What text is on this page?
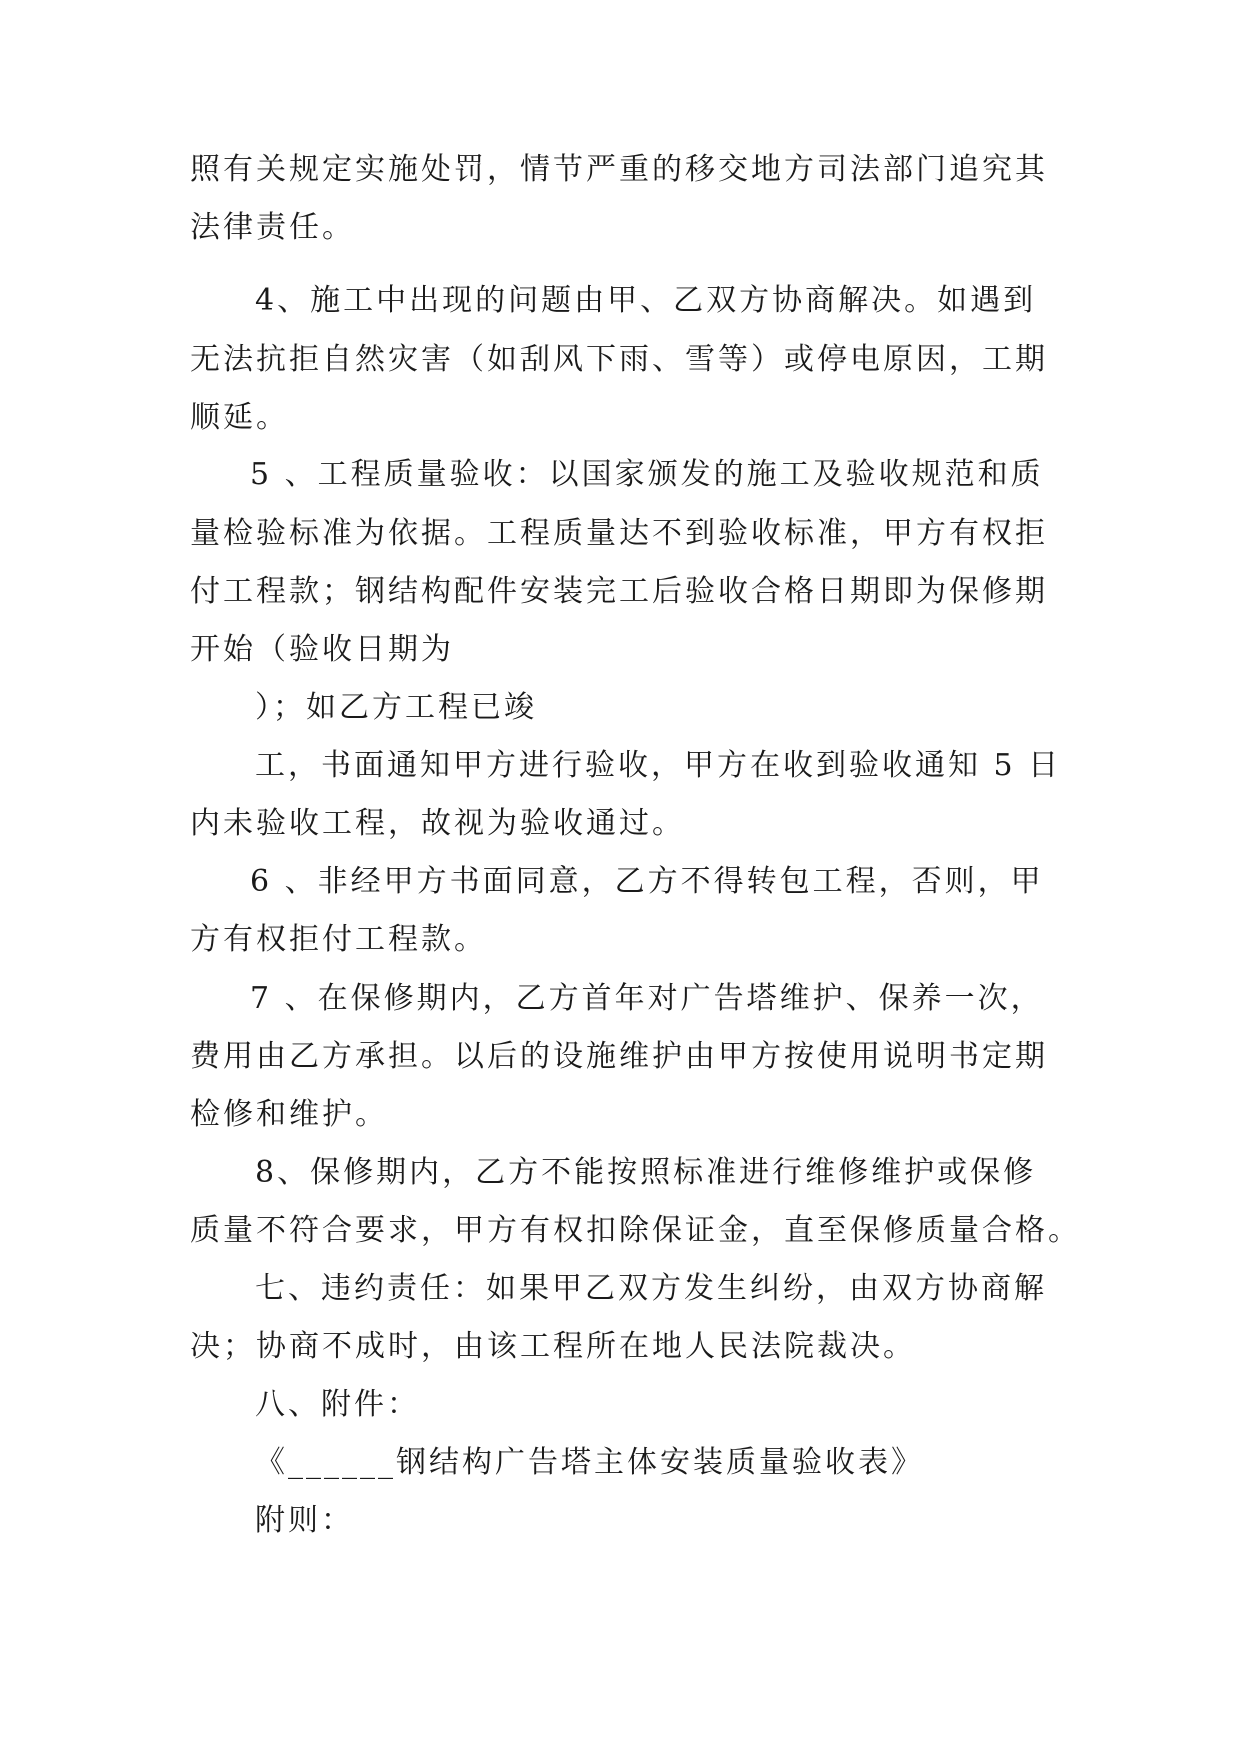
照有关规定实施处罚，情节严重的移交地方司法部门追究其
法律责任。
4、施工中出现的问题由甲、乙双方协商解决。如遇到
无法抗拒自然灾害（如刮风下雨、雪等）或停电原因，工期
顺延。
5 、工程质量验收：以国家颁发的施工及验收规范和质
量检验标准为依据。工程质量达不到验收标准，甲方有权拒
付工程款；钢结构配件安装完工后验收合格日期即为保修期
开始（验收日期为
）；如乙方工程已竣
工，书面通知甲方进行验收，甲方在收到验收通知 5 日
内未验收工程，故视为验收通过。
6 、非经甲方书面同意，乙方不得转包工程，否则，甲
方有权拒付工程款。
7 、在保修期内，乙方首年对广告塔维护、保养一次，
费用由乙方承担。以后的设施维护由甲方按使用说明书定期
检修和维护。
8、保修期内，乙方不能按照标准进行维修维护或保修
质量不符合要求，甲方有权扣除保证金，直至保修质量合格。
七、违约责任：如果甲乙双方发生纠纷，由双方协商解
决；协商不成时，由该工程所在地人民法院裁决。
八、附件：
《______钢结构广告塔主体安装质量验收表》
附则：
